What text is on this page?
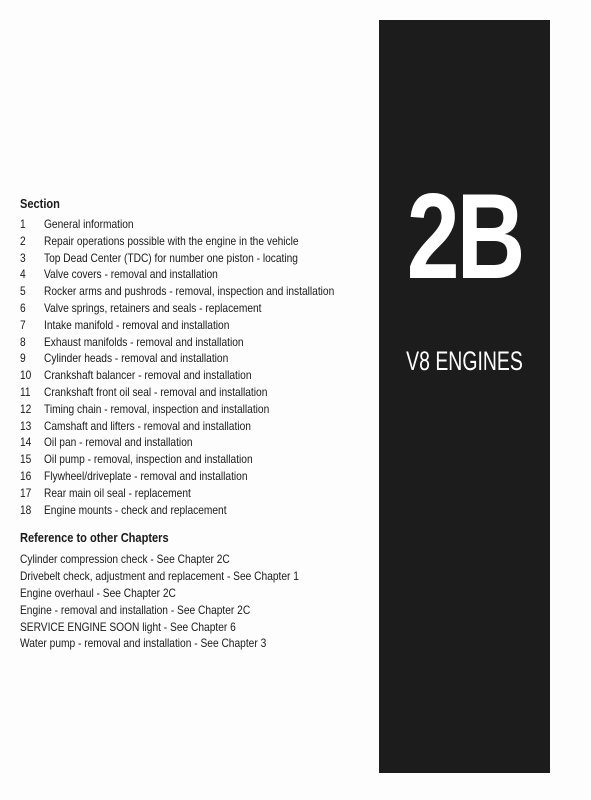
2B
V8 ENGINES
Section
1	General information
2	Repair operations possible with the engine in the vehicle
3	Top Dead Center (TDC) for number one piston - locating
4	Valve covers - removal and installation
5	Rocker arms and pushrods - removal, inspection and installation
6	Valve springs, retainers and seals - replacement
7	Intake manifold - removal and installation
8	Exhaust manifolds - removal and installation
9	Cylinder heads - removal and installation
10	Crankshaft balancer - removal and installation
11	Crankshaft front oil seal - removal and installation
12	Timing chain - removal, inspection and installation
13	Camshaft and lifters - removal and installation
14	Oil pan - removal and installation
15	Oil pump - removal, inspection and installation
16	Flywheel/driveplate - removal and installation
17	Rear main oil seal - replacement
18	Engine mounts - check and replacement
Reference to other Chapters
Cylinder compression check - See Chapter 2C
Drivebelt check, adjustment and replacement - See Chapter 1
Engine overhaul - See Chapter 2C
Engine - removal and installation - See Chapter 2C
SERVICE ENGINE SOON light - See Chapter 6
Water pump - removal and installation - See Chapter 3
